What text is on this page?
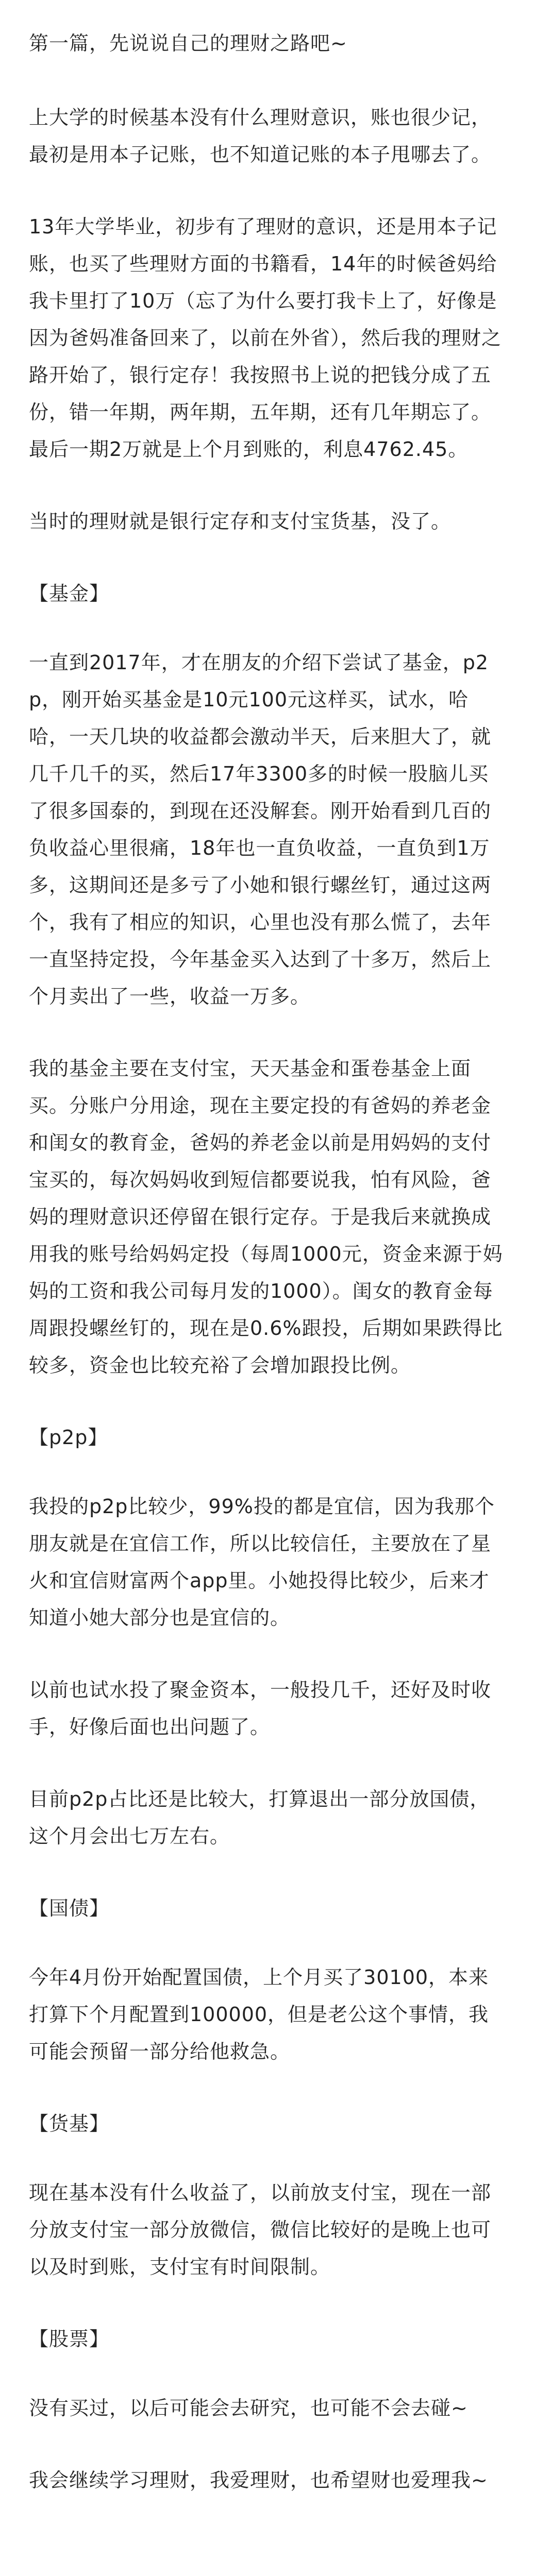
第一篇，先说说自己的理财之路吧~
上大学的时候基本没有什么理财意识，账也很少记，最初是用本子记账，也不知道记账的本子甩哪去了。
13年大学毕业，初步有了理财的意识，还是用本子记账，也买了些理财方面的书籍看，14年的时候爸妈给我卡里打了10万（忘了为什么要打我卡上了，好像是因为爸妈准备回来了，以前在外省），然后我的理财之路开始了，银行定存！我按照书上说的把钱分成了五份，错一年期，两年期，五年期，还有几年期忘了。最后一期2万就是上个月到账的，利息4762.45。
当时的理财就是银行定存和支付宝货基，没了。
【基金】
一直到2017年，才在朋友的介绍下尝试了基金，p2p，刚开始买基金是10元100元这样买，试水，哈哈，一天几块的收益都会激动半天，后来胆大了，就几千几千的买，然后17年3300多的时候一股脑儿买了很多国泰的，到现在还没解套。刚开始看到几百的负收益心里很痛，18年也一直负收益，一直负到1万多，这期间还是多亏了小她和银行螺丝钉，通过这两个，我有了相应的知识，心里也没有那么慌了，去年一直坚持定投，今年基金买入达到了十多万，然后上个月卖出了一些，收益一万多。
我的基金主要在支付宝，天天基金和蛋卷基金上面买。分账户分用途，现在主要定投的有爸妈的养老金和闺女的教育金，爸妈的养老金以前是用妈妈的支付宝买的，每次妈妈收到短信都要说我，怕有风险，爸妈的理财意识还停留在银行定存。于是我后来就换成用我的账号给妈妈定投（每周1000元，资金来源于妈妈的工资和我公司每月发的1000）。闺女的教育金每周跟投螺丝钉的，现在是0.6%跟投，后期如果跌得比较多，资金也比较充裕了会增加跟投比例。
【p2p】
我投的p2p比较少，99%投的都是宜信，因为我那个朋友就是在宜信工作，所以比较信任，主要放在了星火和宜信财富两个app里。小她投得比较少，后来才知道小她大部分也是宜信的。
以前也试水投了聚金资本，一般投几千，还好及时收手，好像后面也出问题了。
目前p2p占比还是比较大，打算退出一部分放国债，这个月会出七万左右。
【国债】
今年4月份开始配置国债，上个月买了30100，本来打算下个月配置到100000，但是老公这个事情，我可能会预留一部分给他救急。
【货基】
现在基本没有什么收益了，以前放支付宝，现在一部分放支付宝一部分放微信，微信比较好的是晚上也可以及时到账，支付宝有时间限制。
【股票】
没有买过，以后可能会去研究，也可能不会去碰~
我会继续学习理财，我爱理财，也希望财也爱理我~
